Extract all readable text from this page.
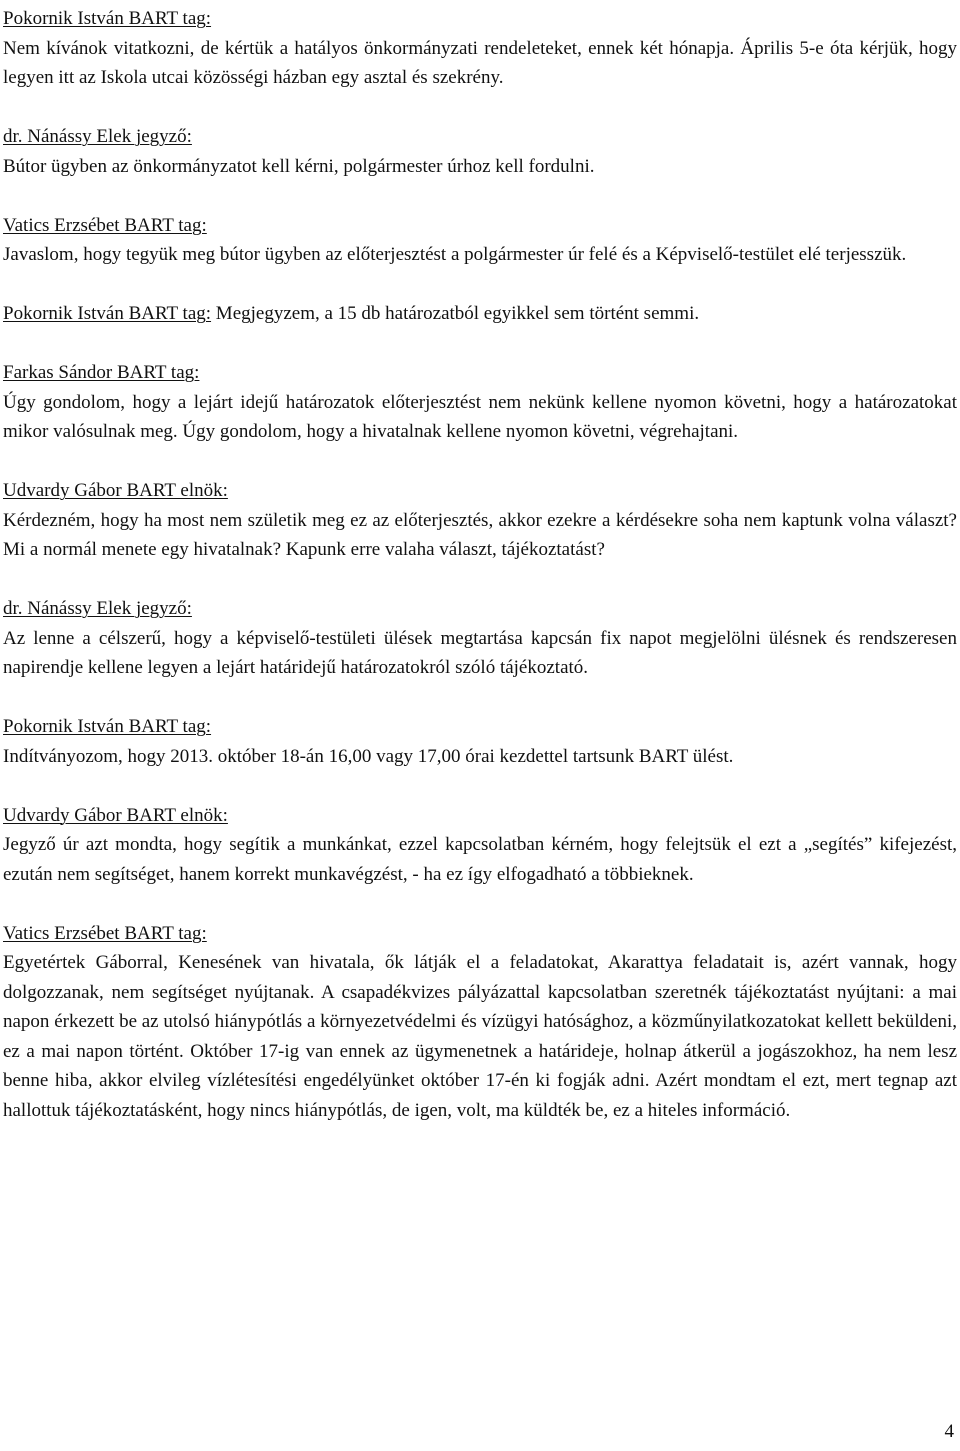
Pokornik István BART tag:
Nem kívánok vitatkozni, de kértük a hatályos önkormányzati rendeleteket, ennek két hónapja. Április 5-e óta kérjük, hogy legyen itt az Iskola utcai közösségi házban egy asztal és szekrény.
dr. Nánássy Elek jegyző:
Bútor ügyben az önkormányzatot kell kérni, polgármester úrhoz kell fordulni.
Vatics Erzsébet BART tag:
Javaslom, hogy tegyük meg bútor ügyben az előterjesztést a polgármester úr felé és a Képviselő-testület elé terjesszük.
Pokornik István BART tag: Megjegyzem, a 15 db határozatból egyikkel sem történt semmi.
Farkas Sándor BART tag:
Úgy gondolom, hogy a lejárt idejű határozatok előterjesztést nem nekünk kellene nyomon követni, hogy a határozatokat mikor valósulnak meg. Úgy gondolom, hogy a hivatalnak kellene nyomon követni, végrehajtani.
Udvardy Gábor BART elnök:
Kérdezném, hogy ha most nem születik meg ez az előterjesztés, akkor ezekre a kérdésekre soha nem kaptunk volna választ? Mi a normál menete egy hivatalnak? Kapunk erre valaha választ, tájékoztatást?
dr. Nánássy Elek jegyző:
Az lenne a célszerű, hogy a képviselő-testületi ülések megtartása kapcsán fix napot megjelölni ülésnek és rendszeresen napirendje kellene legyen a lejárt határidejű határozatokról szóló tájékoztató.
Pokornik István BART tag:
Indítványozom, hogy 2013. október 18-án 16,00 vagy 17,00 órai kezdettel tartsunk BART ülést.
Udvardy Gábor BART elnök:
Jegyző úr azt mondta, hogy segítik a munkánkat, ezzel kapcsolatban kérném, hogy felejtsük el ezt a „segítés” kifejezést, ezután nem segítséget, hanem korrekt munkavégzést, - ha ez így elfogadható a többieknek.
Vatics Erzsébet BART tag:
Egyetértek Gáborral, Kenesének van hivatala, ők látják el a feladatokat, Akarattya feladatait is, azért vannak, hogy dolgozzanak, nem segítséget nyújtanak. A csapadékvizes pályázattal kapcsolatban szeretnék tájékoztatást nyújtani: a mai napon érkezett be az utolsó hiánypótlás a környezetvédelmi és vízügyi hatósághoz, a közműnyilatkozatokat kellett beküldeni, ez a mai napon történt. Október 17-ig van ennek az ügymenetnek a határideje, holnap átkerül a jogászokhoz, ha nem lesz benne hiba, akkor elvileg vízlétesítési engedélyünket október 17-én ki fogják adni. Azért mondtam el ezt, mert tegnap azt hallottuk tájékoztatásként, hogy nincs hiánypótlás, de igen, volt, ma küldték be, ez a hiteles információ.
4
